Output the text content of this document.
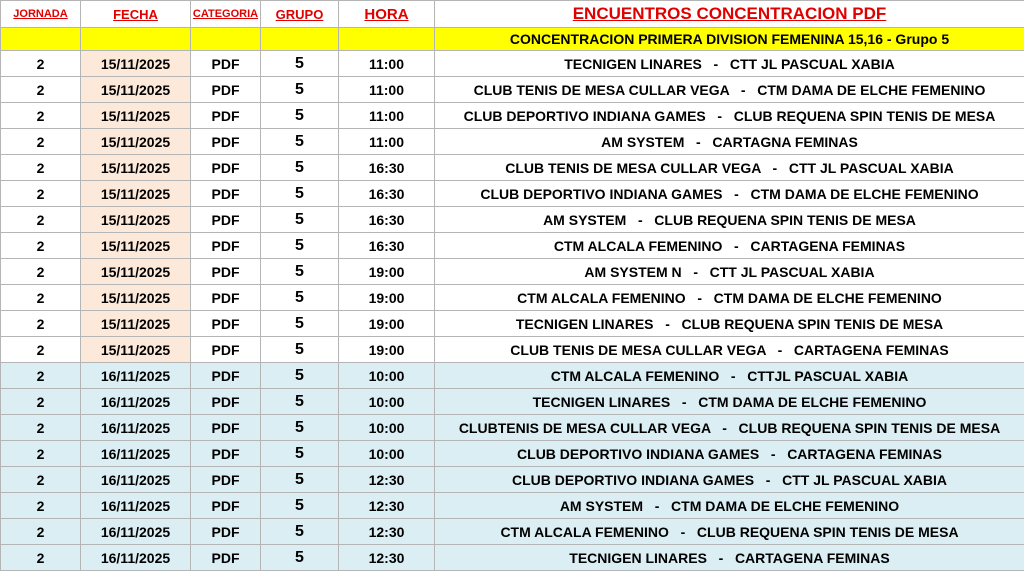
JORNADA	FECHA	CATEGORIA	GRUPO	HORA	ENCUENTROS CONCENTRACION PDF
					CONCENTRACION PRIMERA DIVISION FEMENINA 15,16 - Grupo 5
2	15/11/2025	PDF	5	11:00	TECNIGEN LINARES   -   CTT JL PASCUAL XABIA
2	15/11/2025	PDF	5	11:00	CLUB TENIS DE MESA CULLAR VEGA   -   CTM DAMA DE ELCHE FEMENINO
2	15/11/2025	PDF	5	11:00	CLUB DEPORTIVO INDIANA GAMES   -   CLUB REQUENA SPIN TENIS DE MESA
2	15/11/2025	PDF	5	11:00	AM SYSTEM   -   CARTAGNA FEMINAS
2	15/11/2025	PDF	5	16:30	CLUB TENIS DE MESA CULLAR VEGA   -   CTT JL PASCUAL XABIA
2	15/11/2025	PDF	5	16:30	CLUB DEPORTIVO INDIANA GAMES   -   CTM DAMA DE ELCHE FEMENINO
2	15/11/2025	PDF	5	16:30	AM SYSTEM   -   CLUB REQUENA SPIN TENIS DE MESA
2	15/11/2025	PDF	5	16:30	CTM ALCALA FEMENINO   -   CARTAGENA FEMINAS
2	15/11/2025	PDF	5	19:00	AM SYSTEM N   -   CTT JL PASCUAL XABIA
2	15/11/2025	PDF	5	19:00	CTM ALCALA FEMENINO   -   CTM DAMA DE ELCHE FEMENINO
2	15/11/2025	PDF	5	19:00	TECNIGEN LINARES   -   CLUB REQUENA SPIN TENIS DE MESA
2	15/11/2025	PDF	5	19:00	CLUB TENIS DE MESA CULLAR VEGA   -   CARTAGENA FEMINAS
2	16/11/2025	PDF	5	10:00	CTM ALCALA FEMENINO   -   CTTJL PASCUAL XABIA
2	16/11/2025	PDF	5	10:00	TECNIGEN LINARES   -   CTM DAMA DE ELCHE FEMENINO
2	16/11/2025	PDF	5	10:00	CLUBTENIS DE MESA CULLAR VEGA   -   CLUB REQUENA SPIN TENIS DE MESA
2	16/11/2025	PDF	5	10:00	CLUB DEPORTIVO INDIANA GAMES   -   CARTAGENA FEMINAS
2	16/11/2025	PDF	5	12:30	CLUB DEPORTIVO INDIANA GAMES   -   CTT JL PASCUAL XABIA
2	16/11/2025	PDF	5	12:30	AM SYSTEM   -   CTM DAMA DE ELCHE FEMENINO
2	16/11/2025	PDF	5	12:30	CTM ALCALA FEMENINO   -   CLUB REQUENA SPIN TENIS DE MESA
2	16/11/2025	PDF	5	12:30	TECNIGEN LINARES   -   CARTAGENA FEMINAS
